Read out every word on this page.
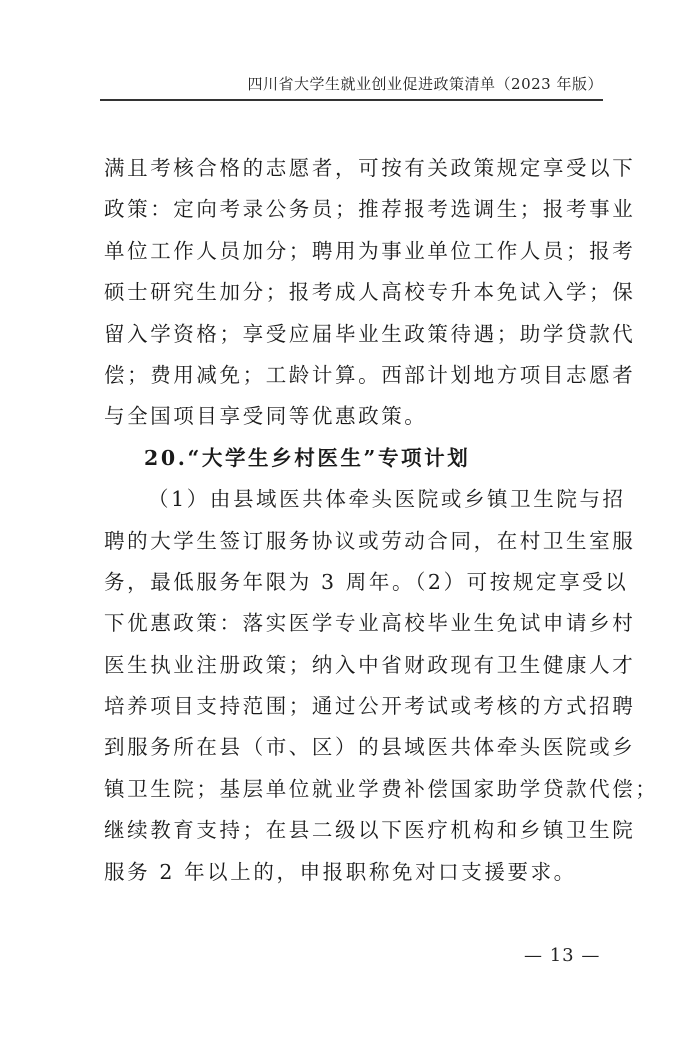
四川省大学生就业创业促进政策清单（2023 年版）
满且考核合格的志愿者，可按有关政策规定享受以下
政策：定向考录公务员；推荐报考选调生；报考事业
单位工作人员加分；聘用为事业单位工作人员；报考
硕士研究生加分；报考成人高校专升本免试入学；保
留入学资格；享受应届毕业生政策待遇；助学贷款代
偿；费用减免；工龄计算。西部计划地方项目志愿者
与全国项目享受同等优惠政策。
20.“大学生乡村医生”专项计划
（1）由县域医共体牵头医院或乡镇卫生院与招
聘的大学生签订服务协议或劳动合同，在村卫生室服
务，最低服务年限为 3 周年。（2）可按规定享受以
下优惠政策：落实医学专业高校毕业生免试申请乡村
医生执业注册政策；纳入中省财政现有卫生健康人才
培养项目支持范围；通过公开考试或考核的方式招聘
到服务所在县（市、区）的县域医共体牵头医院或乡
镇卫生院；基层单位就业学费补偿国家助学贷款代偿；
继续教育支持；在县二级以下医疗机构和乡镇卫生院
服务 2 年以上的，申报职称免对口支援要求。
— 13 —
